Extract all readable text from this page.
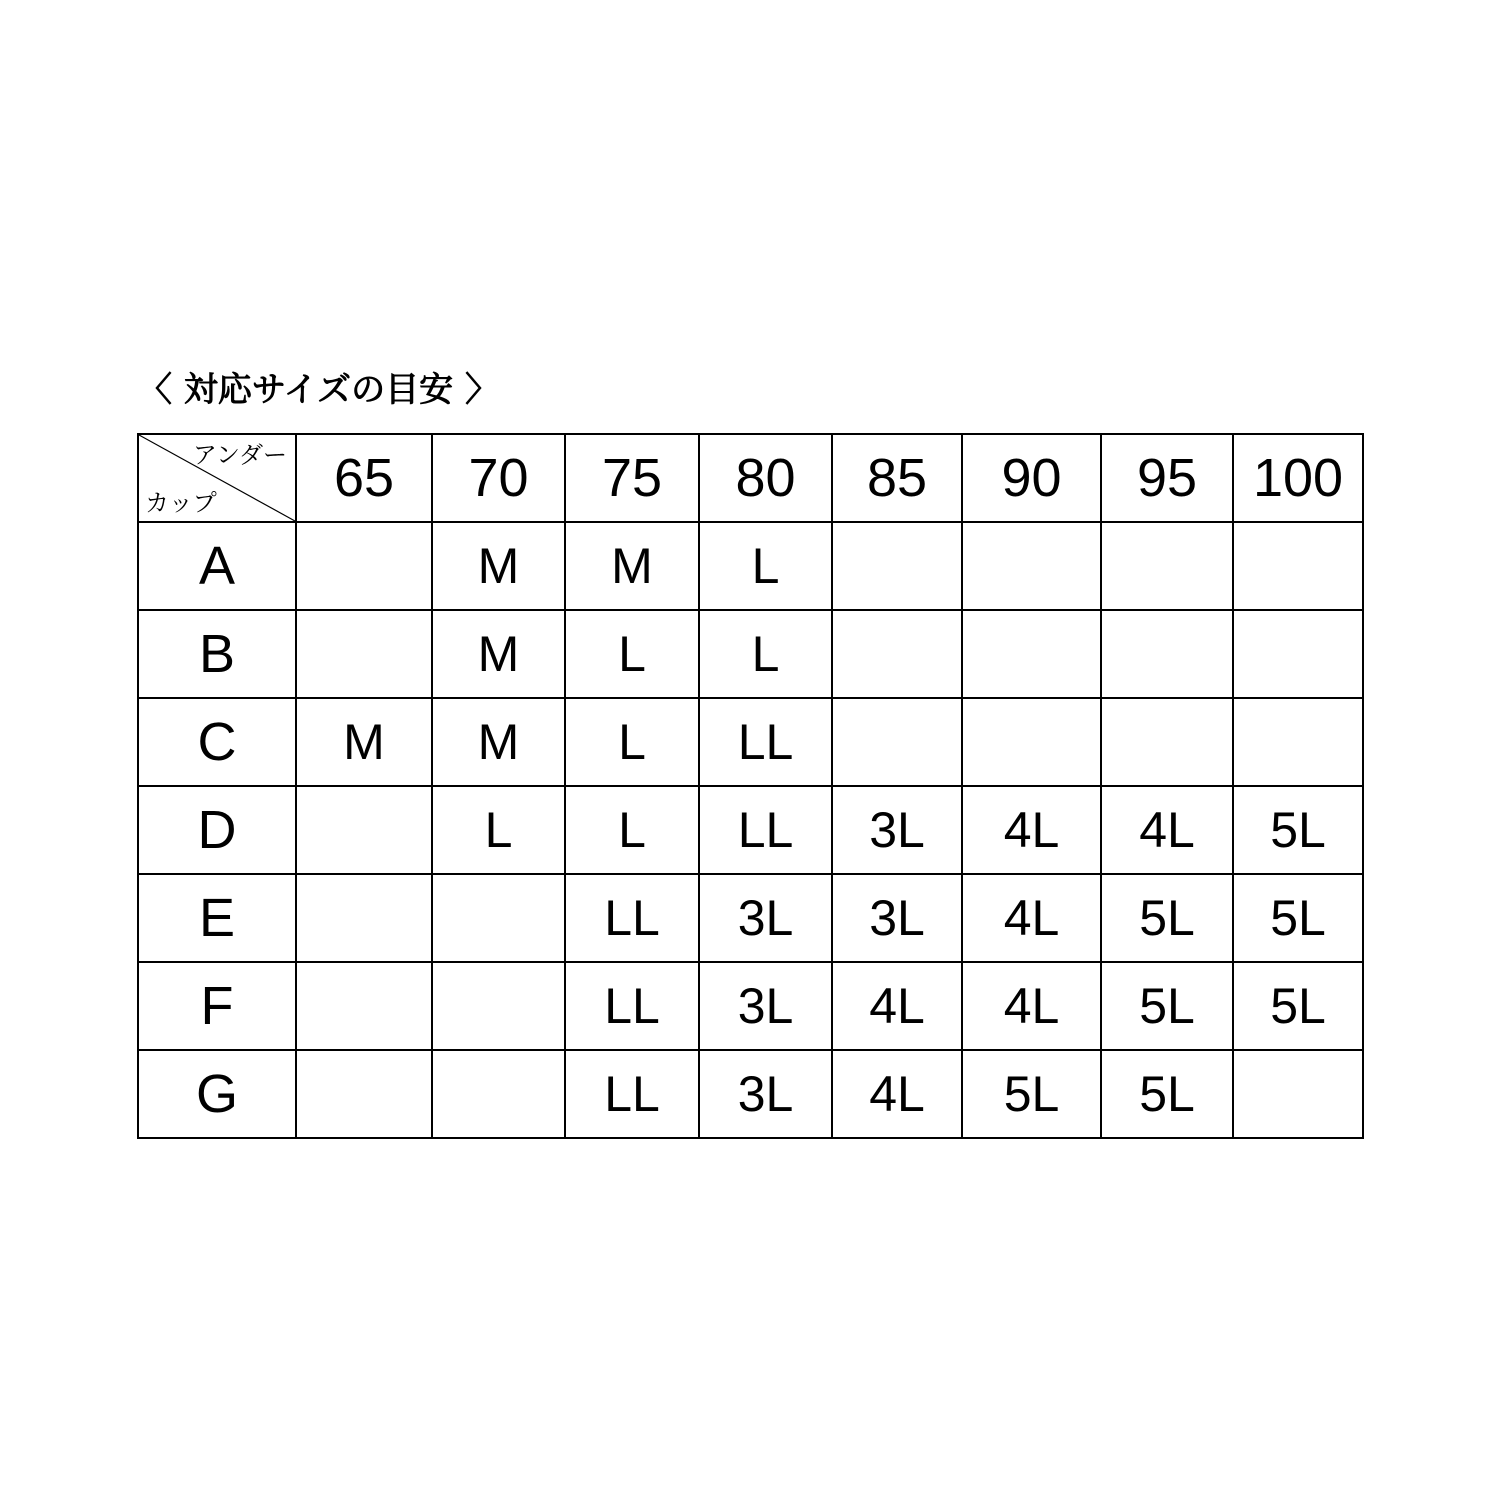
〈 対応サイズの目安 〉
アンダー
カップ	65	70	75	80	85	90	95	100
A		M	M	L				
B		M	L	L				
C	M	M	L	LL				
D		L	L	LL	3L	4L	4L	5L
E			LL	3L	3L	4L	5L	5L
F			LL	3L	4L	4L	5L	5L
G			LL	3L	4L	5L	5L	
